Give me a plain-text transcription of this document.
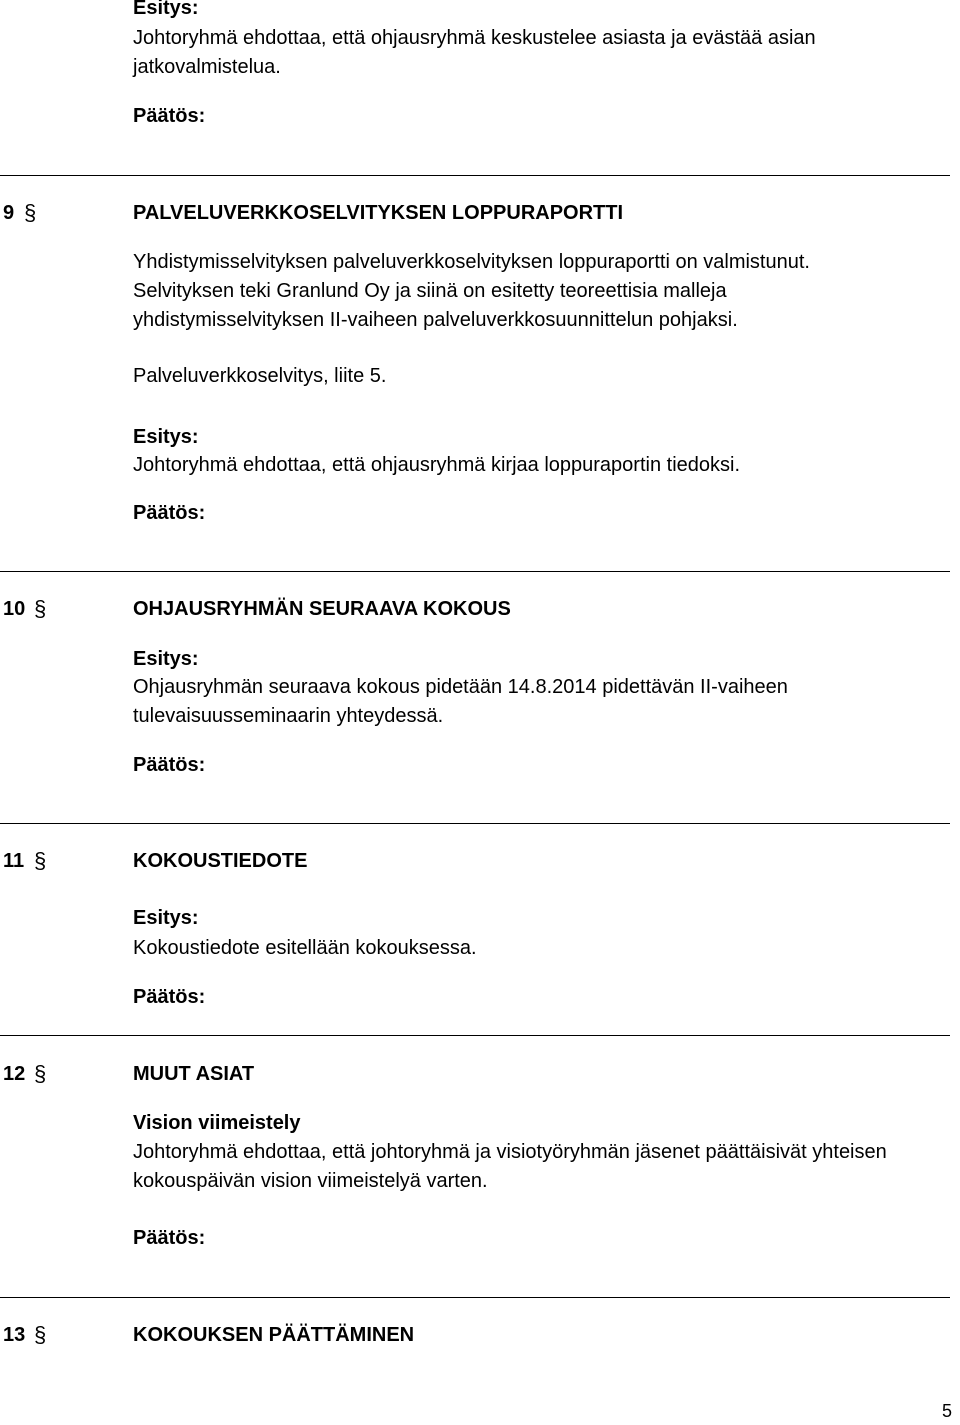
Esitys:
Johtoryhmä ehdottaa, että ohjausryhmä keskustelee asiasta ja evästää asian
jatkovalmistelua.
Päätös:
9 §	PALVELUVERKKOSELVITYKSEN LOPPURAPORTTI
Yhdistymisselvityksen palveluverkkoselvityksen loppuraportti on valmistunut.
Selvityksen teki Granlund Oy ja siinä on esitetty teoreettisia malleja
yhdistymisselvityksen II-vaiheen palveluverkkosuunnittelun pohjaksi.
Palveluverkkoselvitys, liite 5.
Esitys:
Johtoryhmä ehdottaa, että ohjausryhmä kirjaa loppuraportin tiedoksi.
Päätös:
10 §	OHJAUSRYHMÄN SEURAAVA KOKOUS
Esitys:
Ohjausryhmän seuraava kokous pidetään 14.8.2014 pidettävän II-vaiheen
tulevaisuusseminaarin yhteydessä.
Päätös:
11 §	KOKOUSTIEDOTE
Esitys:
Kokoustiedote esitellään kokouksessa.
Päätös:
12 §	MUUT ASIAT
Vision viimeistely
Johtoryhmä ehdottaa, että johtoryhmä ja visiotyöryhmän jäsenet päättäisivät yhteisen
kokouspäivän vision viimeistelyä varten.
Päätös:
13 §	KOKOUKSEN PÄÄTTÄMINEN
5
